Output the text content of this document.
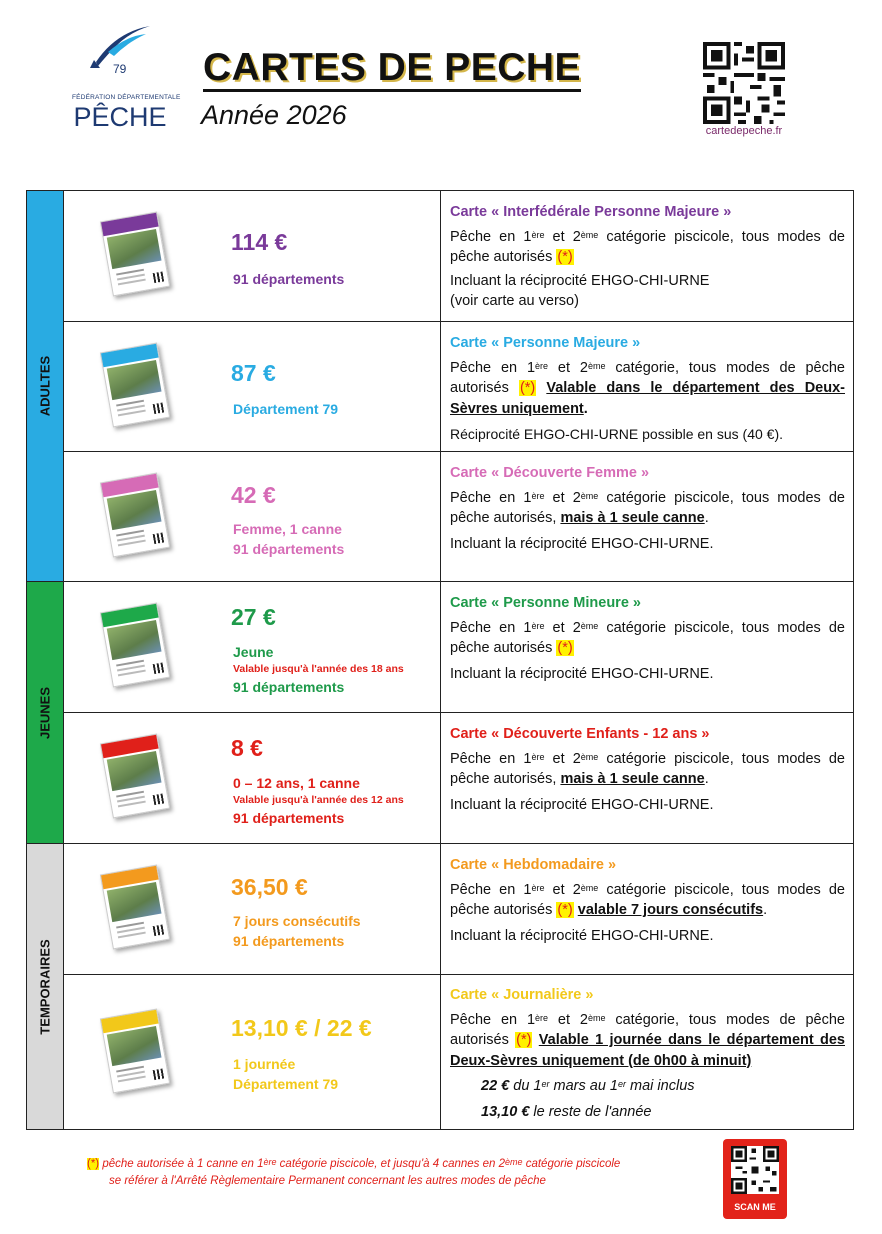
79
FÉDÉRATION DÉPARTEMENTALE
PÊCHE
CARTES DE PECHE
Année 2026
cartedepeche.fr
ADULTES
JEUNES
TEMPORAIRES
114 €
91 départements
Carte « Interfédérale Personne Majeure »
Pêche en 1ère et 2ème catégorie piscicole, tous modes de pêche autorisés (*)
Incluant la réciprocité EHGO-CHI-URNE
(voir carte au verso)
87 €
Département 79
Carte « Personne Majeure »
Pêche en 1ère et 2ème catégorie, tous modes de pêche autorisés (*) Valable dans le département des Deux-Sèvres uniquement.
Réciprocité EHGO-CHI-URNE possible en sus (40 €).
42 €
Femme, 1 canne
91 départements
Carte « Découverte Femme »
Pêche en 1ère et 2ème catégorie piscicole, tous modes de pêche autorisés, mais à 1 seule canne.
Incluant la réciprocité EHGO-CHI-URNE.
27 €
Jeune
Valable jusqu'à l'année des 18 ans
91 départements
Carte « Personne Mineure »
Pêche en 1ère et 2ème catégorie piscicole, tous modes de pêche autorisés (*)
Incluant la réciprocité EHGO-CHI-URNE.
8 €
0 – 12 ans, 1 canne
Valable jusqu'à l'année des 12 ans
91 départements
Carte « Découverte Enfants - 12 ans »
Pêche en 1ère et 2ème catégorie piscicole, tous modes de pêche autorisés, mais à 1 seule canne.
Incluant la réciprocité EHGO-CHI-URNE.
36,50 €
7 jours consécutifs
91 départements
Carte « Hebdomadaire »
Pêche en 1ère et 2ème catégorie piscicole, tous modes de pêche autorisés (*) valable 7 jours consécutifs.
Incluant la réciprocité EHGO-CHI-URNE.
13,10 € / 22 €
1 journée
Département 79
Carte « Journalière »
Pêche en 1ère et 2ème catégorie, tous modes de pêche autorisés (*) Valable 1 journée dans le département des Deux-Sèvres uniquement (de 0h00 à minuit)
22 € du 1er mars au 1er mai inclus
13,10 € le reste de l'année
(*) pêche autorisée à 1 canne en 1ère catégorie piscicole, et jusqu'à 4 cannes en 2ème catégorie piscicole
se référer à l'Arrêté Règlementaire Permanent concernant les autres modes de pêche
SCAN ME
